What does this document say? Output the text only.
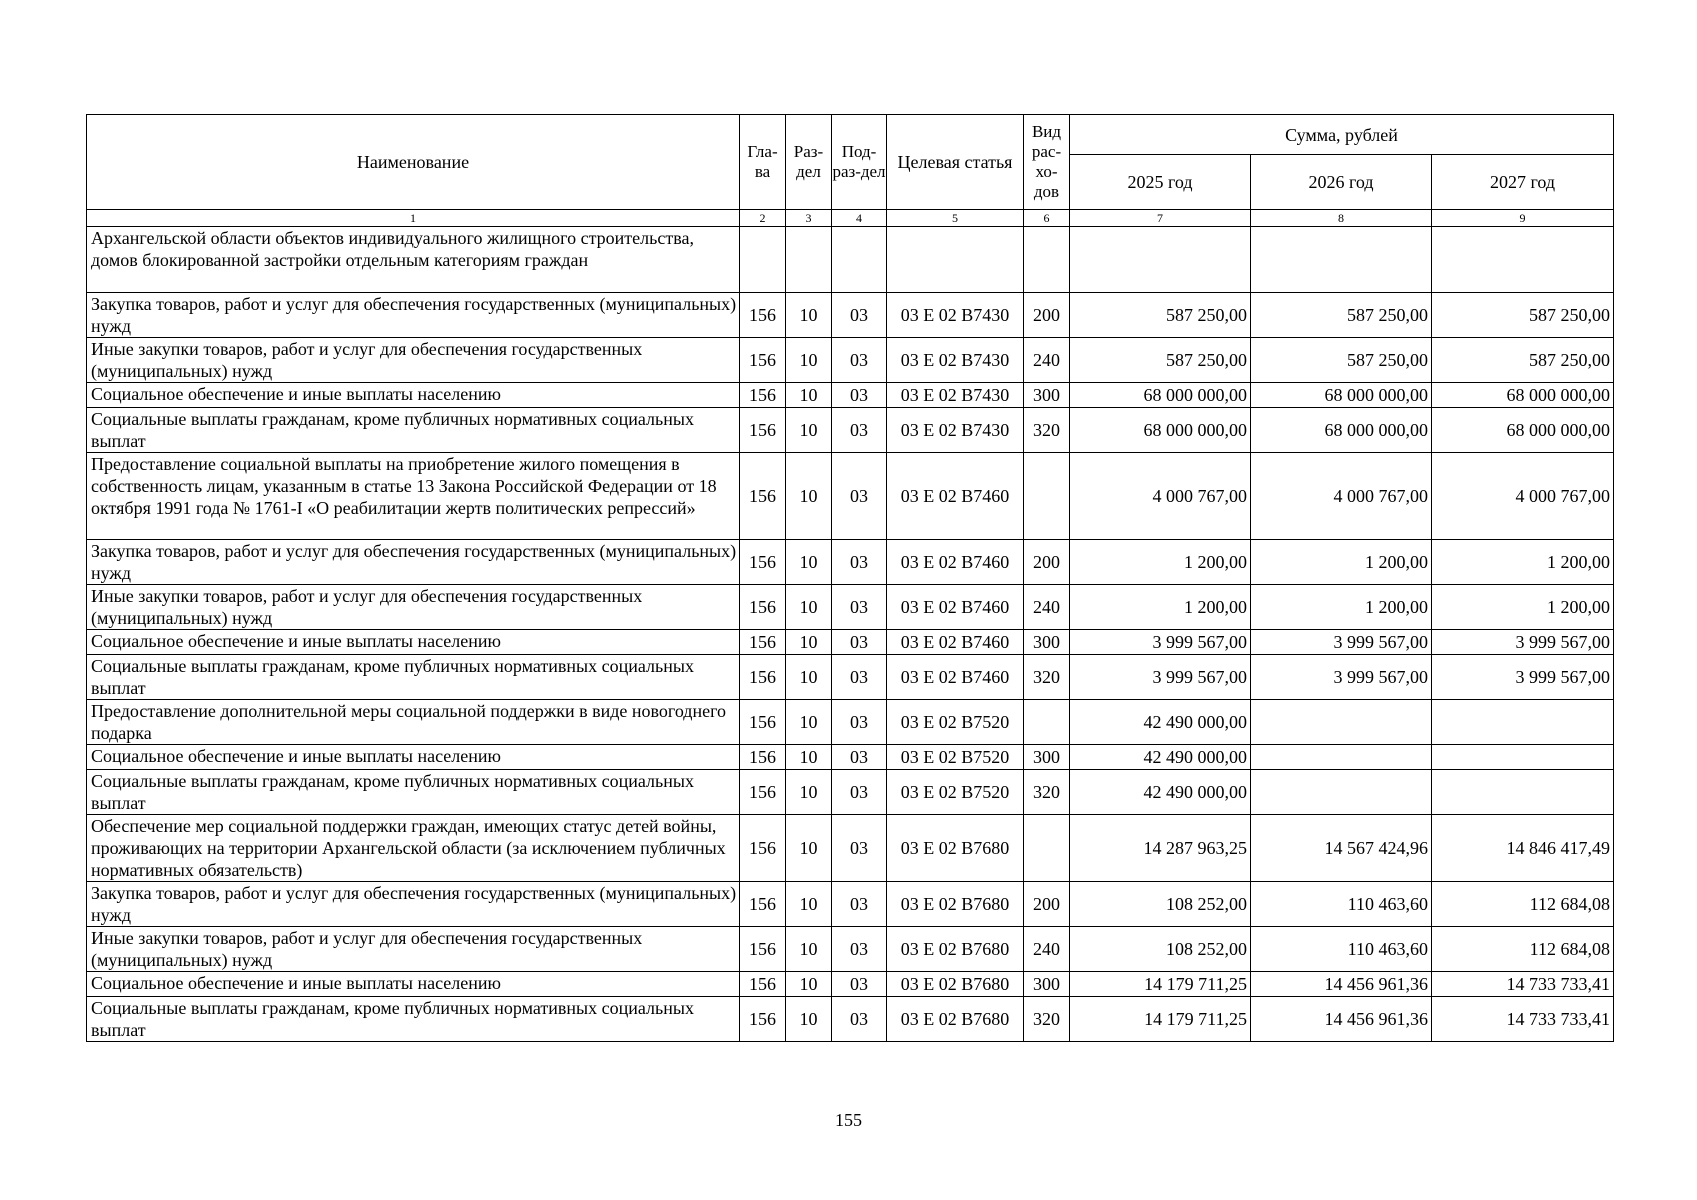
Наименование	Гла-ва	Раз-дел	Под-раз-дел	Целевая статья	Вид рас-хо-дов	Сумма, рублей		
						2025 год	2026 год	2027 год
1	2	3	4	5	6	7	8	9
Архангельской области объектов индивидуального жилищного строительства, домов блокированной застройки отдельным категориям граждан								
Закупка товаров, работ и услуг для обеспечения государственных (муниципальных) нужд	156	10	03	03 Е 02 В7430	200	587 250,00	587 250,00	587 250,00
Иные закупки товаров, работ и услуг для обеспечения государственных (муниципальных) нужд	156	10	03	03 Е 02 В7430	240	587 250,00	587 250,00	587 250,00
Социальное обеспечение и иные выплаты населению	156	10	03	03 Е 02 В7430	300	68 000 000,00	68 000 000,00	68 000 000,00
Социальные выплаты гражданам, кроме публичных нормативных социальных выплат	156	10	03	03 Е 02 В7430	320	68 000 000,00	68 000 000,00	68 000 000,00
Предоставление социальной выплаты на приобретение жилого помещения в собственность лицам, указанным в статье 13 Закона Российской Федерации от 18 октября 1991 года № 1761-I «О реабилитации жертв политических репрессий»	156	10	03	03 Е 02 В7460		4 000 767,00	4 000 767,00	4 000 767,00
Закупка товаров, работ и услуг для обеспечения государственных (муниципальных) нужд	156	10	03	03 Е 02 В7460	200	1 200,00	1 200,00	1 200,00
Иные закупки товаров, работ и услуг для обеспечения государственных (муниципальных) нужд	156	10	03	03 Е 02 В7460	240	1 200,00	1 200,00	1 200,00
Социальное обеспечение и иные выплаты населению	156	10	03	03 Е 02 В7460	300	3 999 567,00	3 999 567,00	3 999 567,00
Социальные выплаты гражданам, кроме публичных нормативных социальных выплат	156	10	03	03 Е 02 В7460	320	3 999 567,00	3 999 567,00	3 999 567,00
Предоставление дополнительной меры социальной поддержки в виде новогоднего подарка	156	10	03	03 Е 02 В7520		42 490 000,00		
Социальное обеспечение и иные выплаты населению	156	10	03	03 Е 02 В7520	300	42 490 000,00		
Социальные выплаты гражданам, кроме публичных нормативных социальных выплат	156	10	03	03 Е 02 В7520	320	42 490 000,00		
Обеспечение мер социальной поддержки граждан, имеющих статус детей войны, проживающих на территории Архангельской области (за исключением публичных нормативных обязательств)	156	10	03	03 Е 02 В7680		14 287 963,25	14 567 424,96	14 846 417,49
Закупка товаров, работ и услуг для обеспечения государственных (муниципальных) нужд	156	10	03	03 Е 02 В7680	200	108 252,00	110 463,60	112 684,08
Иные закупки товаров, работ и услуг для обеспечения государственных (муниципальных) нужд	156	10	03	03 Е 02 В7680	240	108 252,00	110 463,60	112 684,08
Социальное обеспечение и иные выплаты населению	156	10	03	03 Е 02 В7680	300	14 179 711,25	14 456 961,36	14 733 733,41
Социальные выплаты гражданам, кроме публичных нормативных социальных выплат	156	10	03	03 Е 02 В7680	320	14 179 711,25	14 456 961,36	14 733 733,41
155
